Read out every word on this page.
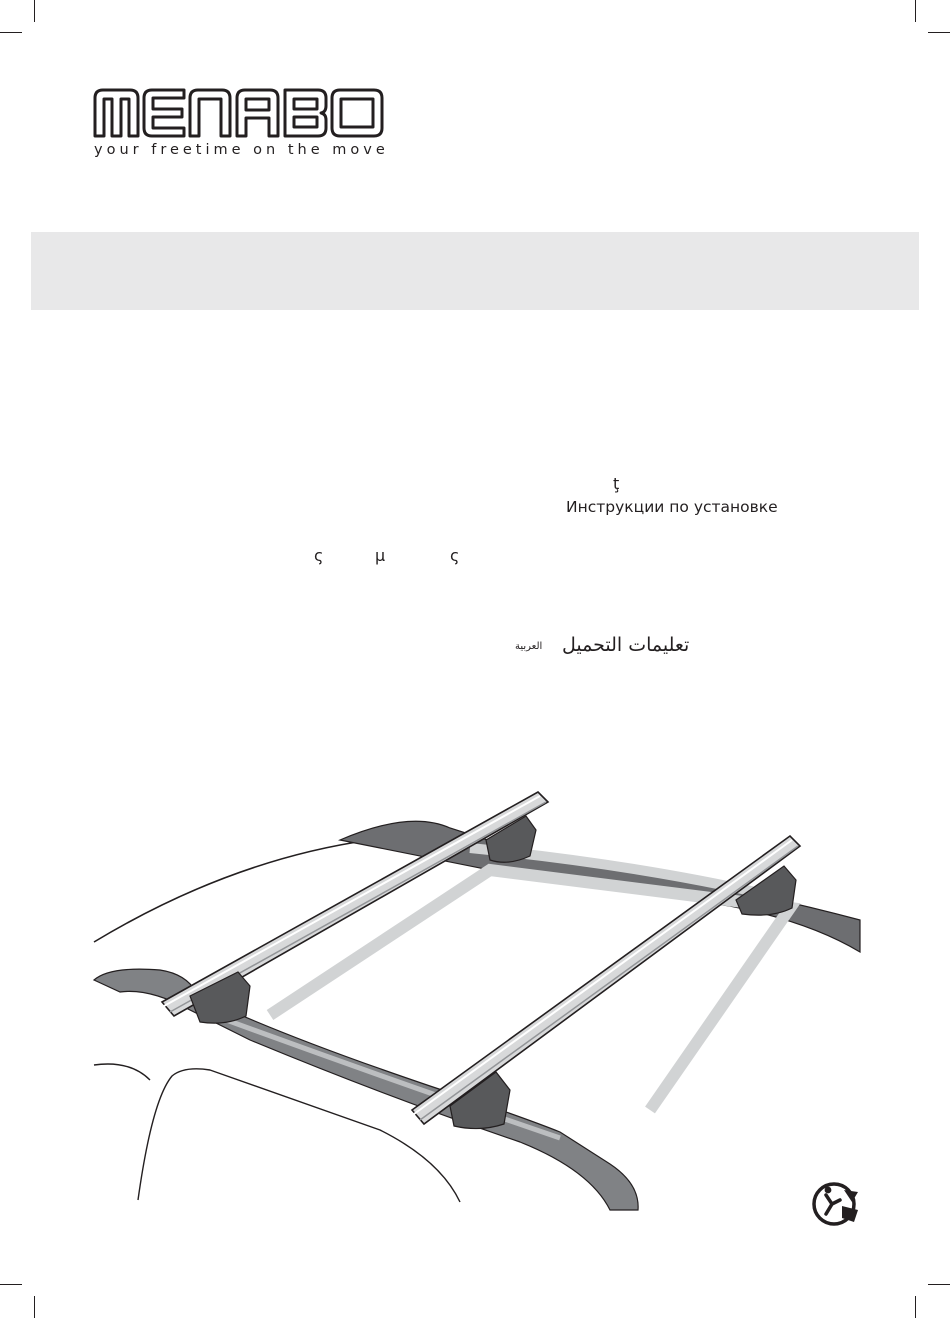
your freetime on the move
ţ
Инструкции по установке
ς	μ	ς
تعليمات التحميل
العربية
